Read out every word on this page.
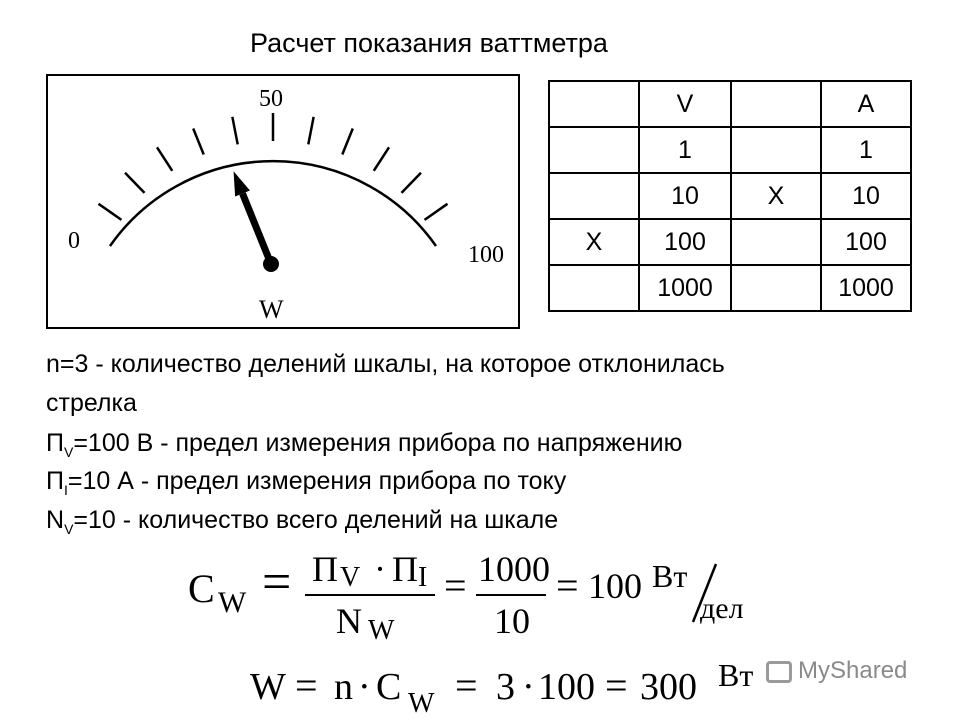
Расчет показания ваттметра
0
50
100
W
	V		A
	1		1
	10	X	10
X	100		100
	1000		1000
n=3 - количество делений шкалы, на которое отклонилась
стрелка
$П_V=100$ В - предел измерения прибора по напряжению
$П_I=10$ А - предел измерения прибора по току
$N_V=10$ - количество всего делений на шкале
C W = П V · П I
N W
= 1000
10
= 100 Вт
дел
W = n · C W = 3 · 100 = 300 Вт	MyShared
